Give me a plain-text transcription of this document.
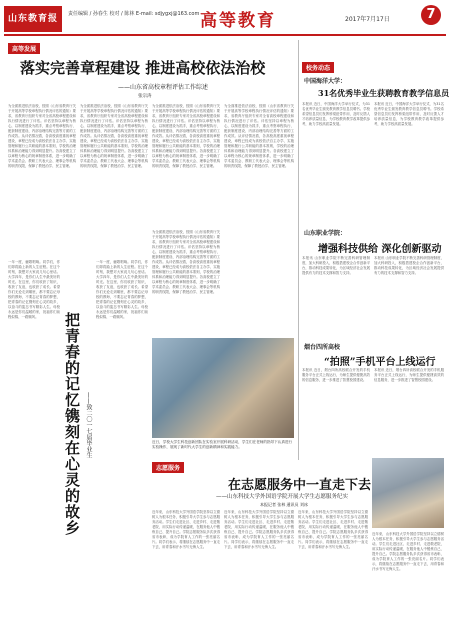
山东教育报	责任编辑 / 孙春生 校对 / 陈林 E-mail: sdjygxj@163.com 高等教育	2017年7月17日	7
高等发展
落实完善章程建设 推进高校依法治校
——山东省高校章程评估工作综述
张宗涛
为全面推进依法治校，按照《山东省教育厅关于开展高等学校章程执行情况评估的通知》要求，省教育厅组织专家对全省高校章程建设和执行情况进行了评估。评估坚持以章程为核心，以制度建设为抓手，重点考察章程执行、配套制度建设、内部治理结构完善等方面的工作成效。从评估情况看，各高校高度重视章程建设，章程已经成为高校依法自主办学、实施管理和履行公共职能的基本准则，学校的治理体系和治理能力得到明显提升。各高校建立了以章程为核心的规章制度体系，进一步明确了学术委员会、教职工代表大会、理事会等机构的职责权限，保障了教授治学、民主管理。
为全面推进依法治校，按照《山东省教育厅关于开展高等学校章程执行情况评估的通知》要求，省教育厅组织专家对全省高校章程建设和执行情况进行了评估。评估坚持以章程为核心，以制度建设为抓手，重点考察章程执行、配套制度建设、内部治理结构完善等方面的工作成效。从评估情况看，各高校高度重视章程建设，章程已经成为高校依法自主办学、实施管理和履行公共职能的基本准则，学校的治理体系和治理能力得到明显提升。各高校建立了以章程为核心的规章制度体系，进一步明确了学术委员会、教职工代表大会、理事会等机构的职责权限，保障了教授治学、民主管理。
为全面推进依法治校，按照《山东省教育厅关于开展高等学校章程执行情况评估的通知》要求，省教育厅组织专家对全省高校章程建设和执行情况进行了评估。评估坚持以章程为核心，以制度建设为抓手，重点考察章程执行、配套制度建设、内部治理结构完善等方面的工作成效。从评估情况看，各高校高度重视章程建设，章程已经成为高校依法自主办学、实施管理和履行公共职能的基本准则，学校的治理体系和治理能力得到明显提升。各高校建立了以章程为核心的规章制度体系，进一步明确了学术委员会、教职工代表大会、理事会等机构的职责权限，保障了教授治学、民主管理。
为全面推进依法治校，按照《山东省教育厅关于开展高等学校章程执行情况评估的通知》要求，省教育厅组织专家对全省高校章程建设和执行情况进行了评估。评估坚持以章程为核心，以制度建设为抓手，重点考察章程执行、配套制度建设、内部治理结构完善等方面的工作成效。从评估情况看，各高校高度重视章程建设，章程已经成为高校依法自主办学、实施管理和履行公共职能的基本准则，学校的治理体系和治理能力得到明显提升。各高校建立了以章程为核心的规章制度体系，进一步明确了学术委员会、教职工代表大会、理事会等机构的职责权限，保障了教授治学、民主管理。
一年一度，骊歌唱响。同学们，你们即将踏上新的人生征程。在这个时刻，我想对大家说几句心里话。大学四年，是你们人生中最美好的时光。在这里，你们收获了知识，收获了友谊，也收获了成长。希望你们无论走到哪里，都不要忘记母校的教诲，不要忘记青春的梦想，把青春的记忆镌刻在心灵的故乡，以奋斗的姿态书写精彩人生。母校永远是你们温暖的家，祝福你们前程似锦、一路顺风。	把青春的记忆镌刻在心灵的故乡 ——致二〇一七届毕业生
一年一度，骊歌唱响。同学们，你们即将踏上新的人生征程。在这个时刻，我想对大家说几句心里话。大学四年，是你们人生中最美好的时光。在这里，你们收获了知识，收获了友谊，也收获了成长。希望你们无论走到哪里，都不要忘记母校的教诲，不要忘记青春的梦想，把青春的记忆镌刻在心灵的故乡，以奋斗的姿态书写精彩人生。母校永远是你们温暖的家，祝福你们前程似锦、一路顺风。
为全面推进依法治校，按照《山东省教育厅关于开展高等学校章程执行情况评估的通知》要求，省教育厅组织专家对全省高校章程建设和执行情况进行了评估。评估坚持以章程为核心，以制度建设为抓手，重点考察章程执行、配套制度建设、内部治理结构完善等方面的工作成效。从评估情况看，各高校高度重视章程建设，章程已经成为高校依法自主办学、实施管理和履行公共职能的基本准则，学校的治理体系和治理能力得到明显提升。各高校建立了以章程为核心的规章制度体系，进一步明确了学术委员会、教职工代表大会、理事会等机构的职责权限，保障了教授治学、民主管理。
近日，学校大学生科技创新团队在实验室开展科研活动，学生们在老师的指导下认真进行实验操作，展现了新时代大学生的创新精神和实践能力。
校务动态
中国海洋大学：
31名优秀毕业生获聘教育教学信息员
本报讯 近日，中国海洋大学举行仪式，为31名优秀毕业生颁发教育教学信息员聘书。学校希望信息员们发挥桥梁纽带作用，及时反馈人才培养质量信息，为学校教育教学改革提供参考，助力学校高质量发展。
本报讯 近日，中国海洋大学举行仪式，为31名优秀毕业生颁发教育教学信息员聘书。学校希望信息员们发挥桥梁纽带作用，及时反馈人才培养质量信息，为学校教育教学改革提供参考，助力学校高质量发展。
山东职业学院：
增强科技供给 深化创新驱动
本报讯 山东职业学院不断完善科研管理制度，加大科研投入，积极搭建校企合作创新平台，推动科技成果转化，为区域经济社会发展提供有力的技术支撑和智力支持。
本报讯 山东职业学院不断完善科研管理制度，加大科研投入，积极搭建校企合作创新平台，推动科技成果转化，为区域经济社会发展提供有力的技术支撑和智力支持。
烟台四所高校
“拍照”手机平台上线运行
本报讯 近日，烟台四所高校联合开发的手机服务平台正式上线运行，为师生提供便捷高效的信息服务，进一步推进了智慧校园建设。
本报讯 近日，烟台四所高校联合开发的手机服务平台正式上线运行，为师生提供便捷高效的信息服务，进一步推进了智慧校园建设。
志愿服务
在志愿服务中一直走下去
——山东科技大学外国语学院开展大学生志愿服务纪实
本报记者 张林 通讯员 刘冰
近年来，山东科技大学外国语学院坚持以立德树人为根本任务，积极引导大学生参与志愿服务活动。学生们走进社区、走进乡村、走进敬老院，用实际行动传递温暖，在服务他人中锻炼自己、提升自己。学院志愿服务队多次获得省市表彰，成为学院育人工作的一张亮丽名片。同学们表示，将继续在志愿服务中一直走下去，用青春和汗水书写无悔人生。
近年来，山东科技大学外国语学院坚持以立德树人为根本任务，积极引导大学生参与志愿服务活动。学生们走进社区、走进乡村、走进敬老院，用实际行动传递温暖，在服务他人中锻炼自己、提升自己。学院志愿服务队多次获得省市表彰，成为学院育人工作的一张亮丽名片。同学们表示，将继续在志愿服务中一直走下去，用青春和汗水书写无悔人生。
近年来，山东科技大学外国语学院坚持以立德树人为根本任务，积极引导大学生参与志愿服务活动。学生们走进社区、走进乡村、走进敬老院，用实际行动传递温暖，在服务他人中锻炼自己、提升自己。学院志愿服务队多次获得省市表彰，成为学院育人工作的一张亮丽名片。同学们表示，将继续在志愿服务中一直走下去，用青春和汗水书写无悔人生。
近年来，山东科技大学外国语学院坚持以立德树人为根本任务，积极引导大学生参与志愿服务活动。学生们走进社区、走进乡村、走进敬老院，用实际行动传递温暖，在服务他人中锻炼自己、提升自己。学院志愿服务队多次获得省市表彰，成为学院育人工作的一张亮丽名片。同学们表示，将继续在志愿服务中一直走下去，用青春和汗水书写无悔人生。
